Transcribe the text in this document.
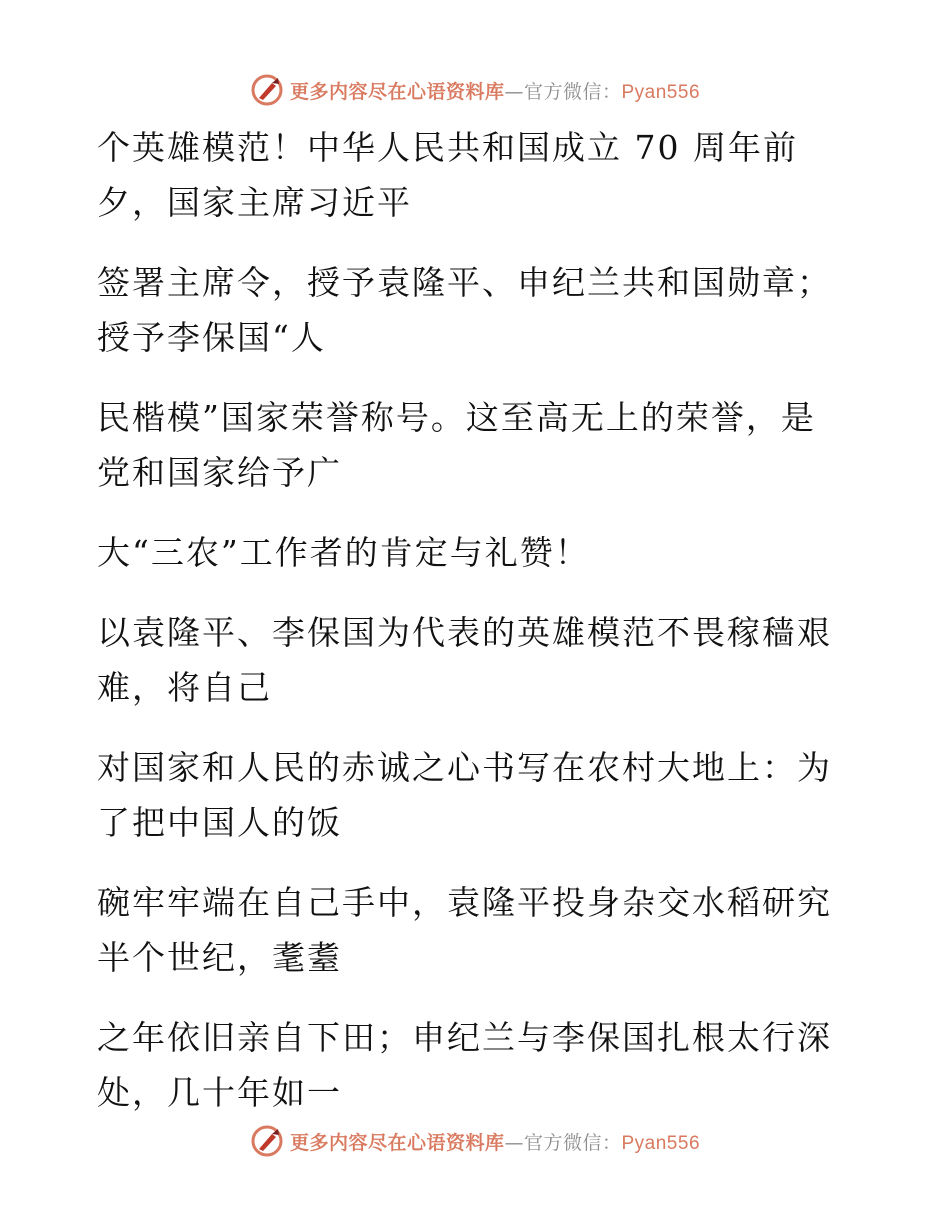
更多内容尽在心语资料库—官方微信：Pyan556

个英雄模范！中华人民共和国成立 70 周年前
夕，国家主席习近平

签署主席令，授予袁隆平、申纪兰共和国勋章；
授予李保国“人

民楷模”国家荣誉称号。这至高无上的荣誉，是
党和国家给予广

大“三农”工作者的肯定与礼赞！

以袁隆平、李保国为代表的英雄模范不畏稼穑艰
难，将自己

对国家和人民的赤诚之心书写在农村大地上：为
了把中国人的饭

碗牢牢端在自己手中，袁隆平投身杂交水稻研究
半个世纪，耄耋

之年依旧亲自下田；申纪兰与李保国扎根太行深
处，几十年如一

更多内容尽在心语资料库—官方微信：Pyan556
